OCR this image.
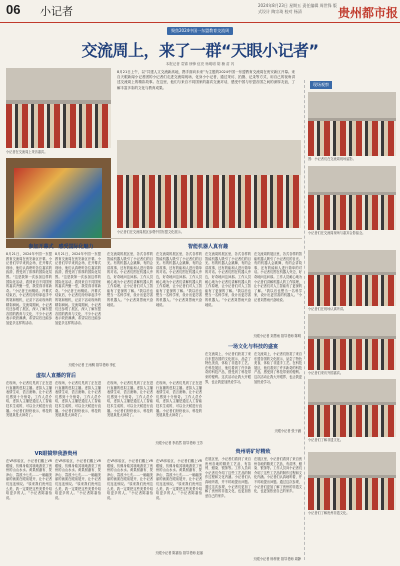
06 小记者	2024年8月23日 星期五 责任编辑 周世锋 版式设计 陶宗琦 校对 杨清	贵州都市报
聚焦2024中国一东盟教育交流周
交流周上，来了一群“天眼小记者”
本报记者 袁锦 徐锋 伍亮 杨明明 胡 楠 苗 芮
8月21日上午，以“共建人文交流新高地，携手面向未来”为主题的2024中国一东盟教育交流周在贵安新区开幕。来自天眼新闻小记者团的小记者们走进交流周现场，化身小小记者，通过采访、拍摄、记录等方式，用自己的视角讲述交流周上的精彩故事。在这里，他们与来自不同国家的嘉宾交流对话，感受中国与东盟各国之间的深厚友谊，了解丰富多彩的文化与教育成果。
小记者在交流周上采访嘉宾。
小记者们在交流周展区参观中国东盟文化展示。
现场观察
图：小记者们在交流周现场留影。
小记者们在交流周现场与嘉宾合影留念。
小记者们在现场认真听讲。
小记者们采访外国嘉宾。
小记者们了解非遗文化。
小记者们了解贵州非遗文化。
参加开幕式　感受国际化魅力
8月21日，2024年中国一东盟教育交流周在贵安新区开幕。小记者们早早来到会场，在开幕式现场，他们认真聆听各位嘉宾的致辞，感受到了浓厚的国际化氛围。“这是我第一次参加这样的国际化活动，看到来自不同国家的嘉宾齐聚一堂，我觉得非常新奇。”小记者王雨桐说。开幕式结束后，小记者们纷纷拿起手中的笔和相机，记录下活动现场的精彩瞬间。交流周期间，小记者们还参观了展区，深入了解东盟各国的教育与文化，不少小记者表示收获满满，希望以后还能参加更多这样的活动。
8月21日，2024年中国一东盟教育交流周在贵安新区开幕。小记者们早早来到会场，在开幕式现场，他们认真聆听各位嘉宾的致辞，感受到了浓厚的国际化氛围。“这是我第一次参加这样的国际化活动，看到来自不同国家的嘉宾齐聚一堂，我觉得非常新奇。”小记者王雨桐说。开幕式结束后，小记者们纷纷拿起手中的笔和相机，记录下活动现场的精彩瞬间。交流周期间，小记者们还参观了展区，深入了解东盟各国的教育与文化，不少小记者表示收获满满，希望以后还能参加更多这样的活动。
天眼小记者 王雨桐 指导老师 李红
智能机器人真有趣
在交流周的展区里，各式各样的智能机器人吸引了小记者们的目光。有的机器人会跳舞，有的会讲故事，还有的能和人进行简单的对话。小记者们围在机器人旁边，好奇地问这问那。工作人员耐心地为小记者们讲解机器人的工作原理，让小记者们对人工智能有了更深的了解。“我以后也想当一名科学家，设计出更厉害的机器人。”小记者刘思雨兴奋地说。
在交流周的展区里，各式各样的智能机器人吸引了小记者们的目光。有的机器人会跳舞，有的会讲故事，还有的能和人进行简单的对话。小记者们围在机器人旁边，好奇地问这问那。工作人员耐心地为小记者们讲解机器人的工作原理，让小记者们对人工智能有了更深的了解。“我以后也想当一名科学家，设计出更厉害的机器人。”小记者刘思雨兴奋地说。
在交流周的展区里，各式各样的智能机器人吸引了小记者们的目光。有的机器人会跳舞，有的会讲故事，还有的能和人进行简单的对话。小记者们围在机器人旁边，好奇地问这问那。工作人员耐心地为小记者们讲解机器人的工作原理，让小记者们对人工智能有了更深的了解。“我以后也想当一名科学家，设计出更厉害的机器人。”小记者刘思雨兴奋地说。
在交流周的展区里，各式各样的智能机器人吸引了小记者们的目光。有的机器人会跳舞，有的会讲故事，还有的能和人进行简单的对话。小记者们围在机器人旁边，好奇地问这问那。工作人员耐心地为小记者们讲解机器人的工作原理，让小记者们对人工智能有了更深的了解。“我以后也想当一名科学家，设计出更厉害的机器人。”小记者刘思雨兴奋地说。
天眼小记者 刘思雨 指导老师 陈明
一场文化与科技的盛宴
在交流周上，小记者们欣赏了来自东盟各国的文化展示，品尝了特色美食，体验了非遗手工艺。在科技展区，他们看到了许多新奇的科技产品，感受到了科技带来的便利。这次活动让我大开眼界，也让我更加热爱学习。
在交流周上，小记者们欣赏了来自东盟各国的文化展示，品尝了特色美食，体验了非遗手工艺。在科技展区，他们看到了许多新奇的科技产品，感受到了科技带来的便利。这次活动让我大开眼界，也让我更加热爱学习。
天眼小记者 张子涵
虚拟人直播的背后
在现场，小记者们见到了正在进行直播的虚拟主播。虚拟人主播表情生动、语言流畅，让小记者们感到十分惊奇。工作人员介绍，虚拟人主播是通过人工智能技术生成的，可以全天候进行直播。小记者们纷纷表示，科技的发展真是太神奇了。
在现场，小记者们见到了正在进行直播的虚拟主播。虚拟人主播表情生动、语言流畅，让小记者们感到十分惊奇。工作人员介绍，虚拟人主播是通过人工智能技术生成的，可以全天候进行直播。小记者们纷纷表示，科技的发展真是太神奇了。
在现场，小记者们见到了正在进行直播的虚拟主播。虚拟人主播表情生动、语言流畅，让小记者们感到十分惊奇。工作人员介绍，虚拟人主播是通过人工智能技术生成的，可以全天候进行直播。小记者们纷纷表示，科技的发展真是太神奇了。
在现场，小记者们见到了正在进行直播的虚拟主播。虚拟人主播表情生动、语言流畅，让小记者们感到十分惊奇。工作人员介绍，虚拟人主播是通过人工智能技术生成的，可以全天候进行直播。小记者们纷纷表示，科技的发展真是太神奇了。
天眼小记者 李浩然 指导老师 王芳
VR眼镜带我游贵州
在VR体验区，小记者们戴上VR眼镜，仿佛身临其境地游览了贵州的山山水水。黄果树瀑布、梵净山、荔波小七孔……一幅幅美丽的画面在眼前展开，让小记者们连连惊叹。“原来我们贵州这么美，我一定要把这些美景介绍给更多的人。”小记者陈嘉怡说。
在VR体验区，小记者们戴上VR眼镜，仿佛身临其境地游览了贵州的山山水水。黄果树瀑布、梵净山、荔波小七孔……一幅幅美丽的画面在眼前展开，让小记者们连连惊叹。“原来我们贵州这么美，我一定要把这些美景介绍给更多的人。”小记者陈嘉怡说。
在VR体验区，小记者们戴上VR眼镜，仿佛身临其境地游览了贵州的山山水水。黄果树瀑布、梵净山、荔波小七孔……一幅幅美丽的画面在眼前展开，让小记者们连连惊叹。“原来我们贵州这么美，我一定要把这些美景介绍给更多的人。”小记者陈嘉怡说。
在VR体验区，小记者们戴上VR眼镜，仿佛身临其境地游览了贵州的山山水水。黄果树瀑布、梵净山、荔波小七孔……一幅幅美丽的画面在眼前展开，让小记者们连连惊叹。“原来我们贵州这么美，我一定要把这些美景介绍给更多的人。”小记者陈嘉怡说。
天眼小记者 陈嘉怡 指导老师 赵丽
贵州明矿好精致
在展区里，小记者们看到了来自贵州各地的精美工艺品，有苗绣、蜡染、银饰等。工作人员向小记者们介绍了这些工艺品的制作过程和文化内涵。小记者们认真地听着，并不时地提出问题。通过这次参观，小记者们更加了解了贵州的非遗文化，也更加热爱自己的家乡。
在展区里，小记者们看到了来自贵州各地的精美工艺品，有苗绣、蜡染、银饰等。工作人员向小记者们介绍了这些工艺品的制作过程和文化内涵。小记者们认真地听着，并不时地提出问题。通过这次参观，小记者们更加了解了贵州的非遗文化，也更加热爱自己的家乡。
天眼小记者 杨梓萱 指导老师 周静
